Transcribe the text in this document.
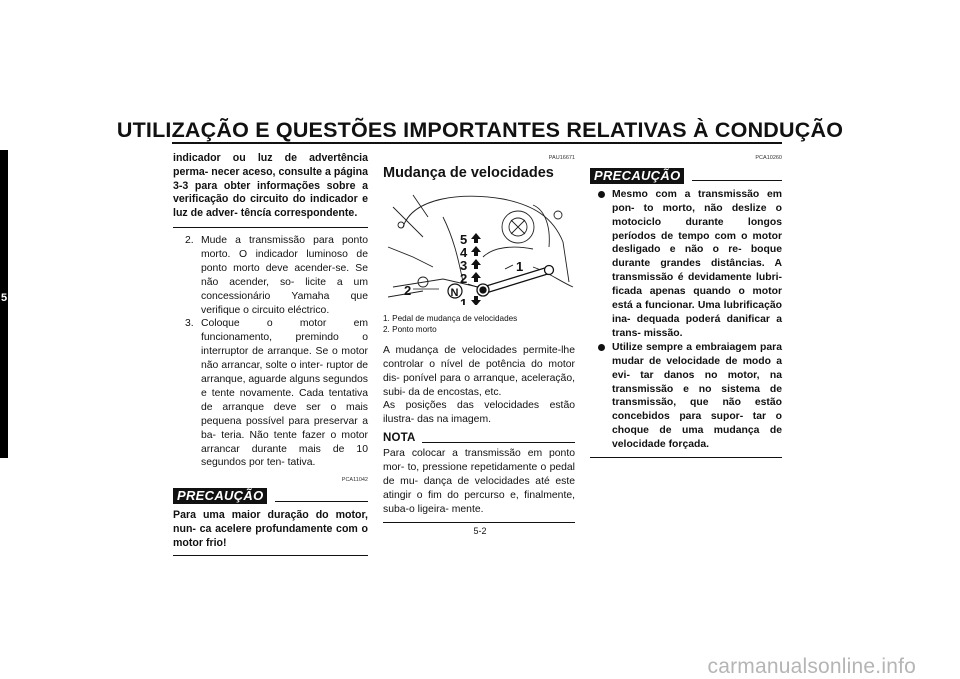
UTILIZAÇÃO E QUESTÕES IMPORTANTES RELATIVAS À CONDUÇÃO
5
indicador ou luz de advertência perma- necer aceso, consulte a página 3-3 para obter informações sobre a verificação do circuito do indicador e luz de adver- têncía correspondente.
2. Mude a transmissão para ponto morto. O indicador luminoso de ponto morto deve acender-se. Se não acender, so- licite a um concessionário Yamaha que verifique o circuito eléctrico.
3. Coloque o motor em funcionamento, premindo o interruptor de arranque. Se o motor não arrancar, solte o inter- ruptor de arranque, aguarde alguns segundos e tente novamente. Cada tentativa de arranque deve ser o mais pequena possível para preservar a ba- teria. Não tente fazer o motor arrancar durante mais de 10 segundos por ten- tativa.
PCA11042
PRECAUÇÃO
Para uma maior duração do motor, nun- ca acelere profundamente com o motor frio!
PAU16671
Mudança de velocidades
5
4
3
2
N
1
1
2
1. Pedal de mudança de velocidades
2. Ponto morto
A mudança de velocidades permite-lhe controlar o nível de potência do motor dis- ponível para o arranque, aceleração, subi- da de encostas, etc.
As posições das velocidades estão ilustra- das na imagem.
NOTA
Para colocar a transmissão em ponto mor- to, pressione repetidamente o pedal de mu- dança de velocidades até este atingir o fim do percurso e, finalmente, suba-o ligeira- mente.
PCA10260
PRECAUÇÃO
Mesmo com a transmissão em pon- to morto, não deslize o motociclo durante longos períodos de tempo com o motor desligado e não o re- boque durante grandes distâncias. A transmissão é devidamente lubri- ficada apenas quando o motor está a funcionar. Uma lubrificação ina- dequada poderá danificar a trans- missão.
Utilize sempre a embraiagem para mudar de velocidade de modo a evi- tar danos no motor, na transmissão e no sistema de transmissão, que não estão concebidos para supor- tar o choque de uma mudança de velocidade forçada.
5-2
carmanualsonline.info
